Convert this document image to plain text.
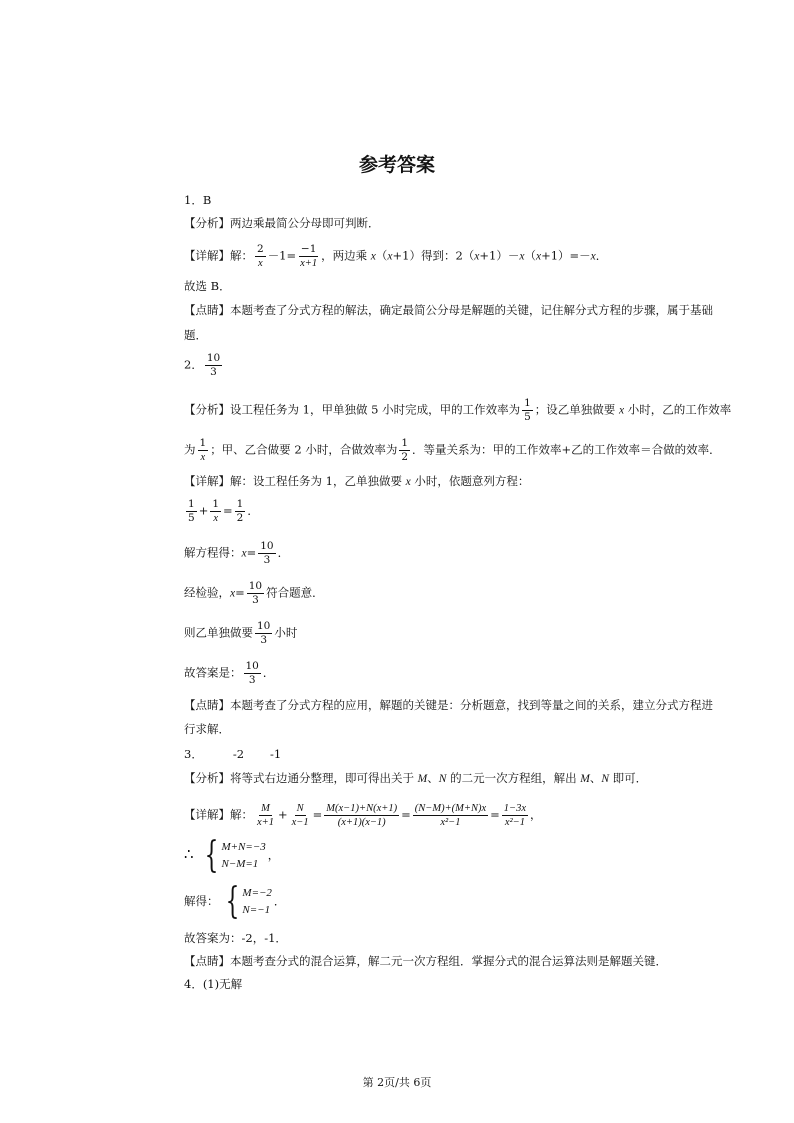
参考答案
1．B
【分析】两边乘最简公分母即可判断．
【详解】解： $\frac{2}{x} -1= \frac{-1}{x+1}$ ，两边乘 x（x+1）得到：2（x+1）－x（x+1）=－x．
故选 B．
【点睛】本题考查了分式方程的解法，确定最简公分母是解题的关键，记住解分式方程的步骤，属于基础
题．
2． $\frac{10}{3}$
【分析】设工程任务为 1，甲单独做 5 小时完成，甲的工作效率为 $\frac{1}{5}$ ；设乙单独做要 x 小时，乙的工作效率
为 $\frac{1}{x}$ ；甲、乙合做要 2 小时，合做效率为 $\frac{1}{2}$ ．等量关系为：甲的工作效率+乙的工作效率＝合做的效率．
【详解】解：设工程任务为 1，乙单独做要 x 小时，依题意列方程：
$\frac{1}{5} + \frac{1}{x} = \frac{1}{2}$ ．
解方程得：$x= \frac{10}{3}$ ．
经检验，$x= \frac{10}{3}$ 符合题意．
则乙单独做要 $\frac{10}{3}$ 小时
故答案是： $\frac{10}{3}$ ．
【点睛】本题考查了分式方程的应用，解题的关键是：分析题意，找到等量之间的关系，建立分式方程进
行求解．
3．	-2 -1
【分析】将等式右边通分整理，即可得出关于 M、N 的二元一次方程组，解出 M、N 即可．
【详解】解： $\frac{M}{x+1} + \frac{N}{x-1} = \frac{M(x-1)+N(x+1)}{(x+1)(x-1)} = \frac{(N-M)+(M+N)x}{\text{x²−1}} = \frac{1-3x}{\text{x²−1}}$ ，
∴ { M+N=−3
N−M=1
，
解得： { M=−2
N=−1
．
故答案为：-2，-1．
【点睛】本题考查分式的混合运算，解二元一次方程组．掌握分式的混合运算法则是解题关键．
4．(1)无解
第 2页/共 6页
